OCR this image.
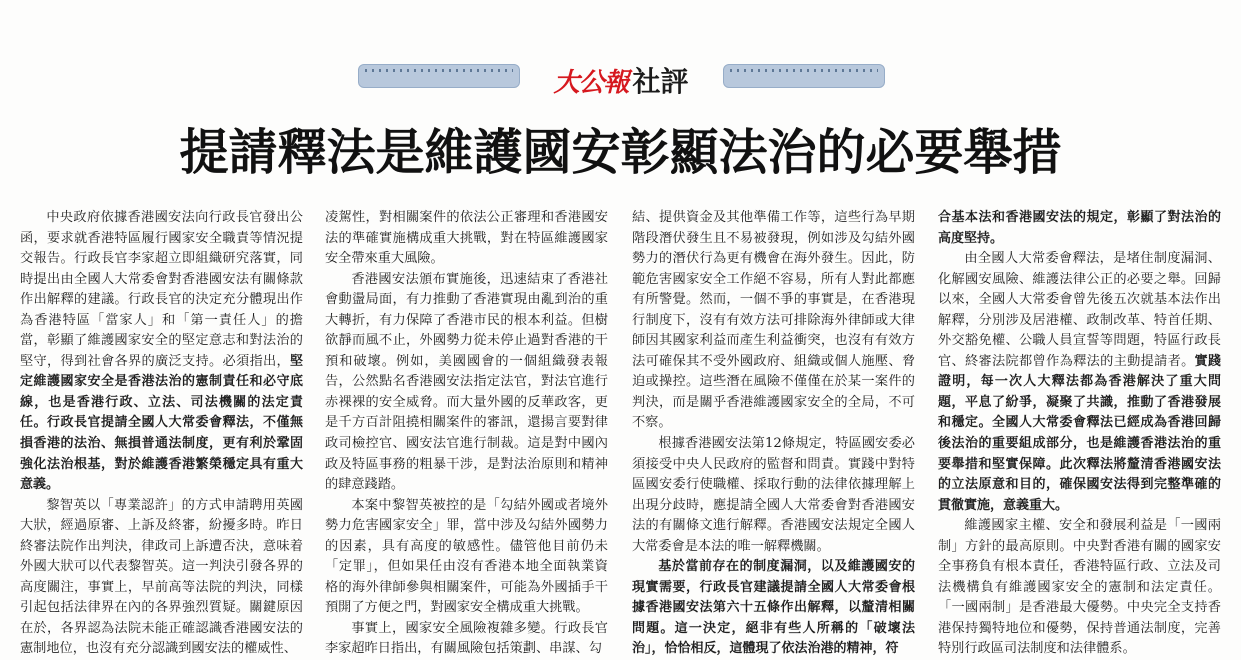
大公報 社評
提請釋法是維護國安彰顯法治的必要舉措

中央政府依據香港國安法向行政長官發出公函，要求就香港特區履行國家安全職責等情況提交報告。行政長官李家超立即組織研究落實，同時提出由全國人大常委會對香港國安法有關條款作出解釋的建議。行政長官的決定充分體現出作為香港特區「當家人」和「第一責任人」的擔當，彰顯了維護國家安全的堅定意志和對法治的堅守，得到社會各界的廣泛支持。必須指出，堅定維護國家安全是香港法治的憲制責任和必守底線，也是香港行政、立法、司法機關的法定責任。行政長官提請全國人大常委會釋法，不僅無損香港的法治、無損普通法制度，更有利於鞏固強化法治根基，對於維護香港繁榮穩定具有重大意義。

黎智英以「專業認許」的方式申請聘用英國大狀，經過原審、上訴及終審，紛擾多時。昨日終審法院作出判決，律政司上訴遭否決，意味着外國大狀可以代表黎智英。這一判決引發各界的高度關注，事實上，早前高等法院的判決，同樣引起包括法律界在內的各界強烈質疑。關鍵原因在於，各界認為法院未能正確認識香港國安法的憲制地位，也沒有充分認識到國安法的權威性、

凌駕性，對相關案件的依法公正審理和香港國安法的準確實施構成重大挑戰，對在特區維護國家安全帶來重大風險。

香港國安法頒布實施後，迅速結束了香港社會動盪局面，有力推動了香港實現由亂到治的重大轉折，有力保障了香港市民的根本利益。但樹欲靜而風不止，外國勢力從未停止過對香港的干預和破壞。例如，美國國會的一個組織發表報告，公然點名香港國安法指定法官，對法官進行赤裸裸的安全威脅。而大量外國的反華政客，更是千方百計阻撓相關案件的審訊，還揚言要對律政司檢控官、國安法官進行制裁。這是對中國內政及特區事務的粗暴干涉，是對法治原則和精神的肆意踐踏。

本案中黎智英被控的是「勾結外國或者境外勢力危害國家安全」罪，當中涉及勾結外國勢力的因素，具有高度的敏感性。儘管他目前仍未「定罪」，但如果任由沒有香港本地全面執業資格的海外律師參與相關案件，可能為外國插手干預開了方便之門，對國家安全構成重大挑戰。

事實上，國家安全風險複雜多變。行政長官李家超昨日指出，有關風險包括策劃、串謀、勾

結、提供資金及其他準備工作等，這些行為早期階段潛伏發生且不易被發現，例如涉及勾結外國勢力的潛伏行為更有機會在海外發生。因此，防範危害國家安全工作絕不容易，所有人對此都應有所警覺。然而，一個不爭的事實是，在香港現行制度下，沒有有效方法可排除海外律師或大律師因其國家利益而產生利益衝突，也沒有有效方法可確保其不受外國政府、組織或個人施壓、脅迫或操控。這些潛在風險不僅僅在於某一案件的判決，而是關乎香港維護國家安全的全局，不可不察。

根據香港國安法第12條規定，特區國安委必須接受中央人民政府的監督和問責。實踐中對特區國安委行使職權、採取行動的法律依據理解上出現分歧時，應提請全國人大常委會對香港國安法的有關條文進行解釋。香港國安法規定全國人大常委會是本法的唯一解釋機關。

基於當前存在的制度漏洞，以及維護國安的現實需要，行政長官建議提請全國人大常委會根據香港國安法第六十五條作出解釋，以釐清相關問題。這一決定，絕非有些人所稱的「破壞法治」，恰恰相反，這體現了依法治港的精神，符

合基本法和香港國安法的規定，彰顯了對法治的高度堅持。

由全國人大常委會釋法，是堵住制度漏洞、化解國安風險、維護法律公正的必要之舉。回歸以來，全國人大常委會曾先後五次就基本法作出解釋，分別涉及居港權、政制改革、特首任期、外交豁免權、公職人員宣誓等問題，特區行政長官、終審法院都曾作為釋法的主動提請者。實踐證明，每一次人大釋法都為香港解決了重大問題，平息了紛爭，凝聚了共識，推動了香港發展和穩定。全國人大常委會釋法已經成為香港回歸後法治的重要組成部分，也是維護香港法治的重要舉措和堅實保障。此次釋法將釐清香港國安法的立法原意和目的，確保國安法得到完整準確的貫徹實施，意義重大。

維護國家主權、安全和發展利益是「一國兩制」方針的最高原則。中央對香港有關的國家安全事務負有根本責任，香港特區行政、立法及司法機構負有維護國家安全的憲制和法定責任。「一國兩制」是香港最大優勢。中央完全支持香港保持獨特地位和優勢，保持普通法制度，完善特別行政區司法制度和法律體系。
